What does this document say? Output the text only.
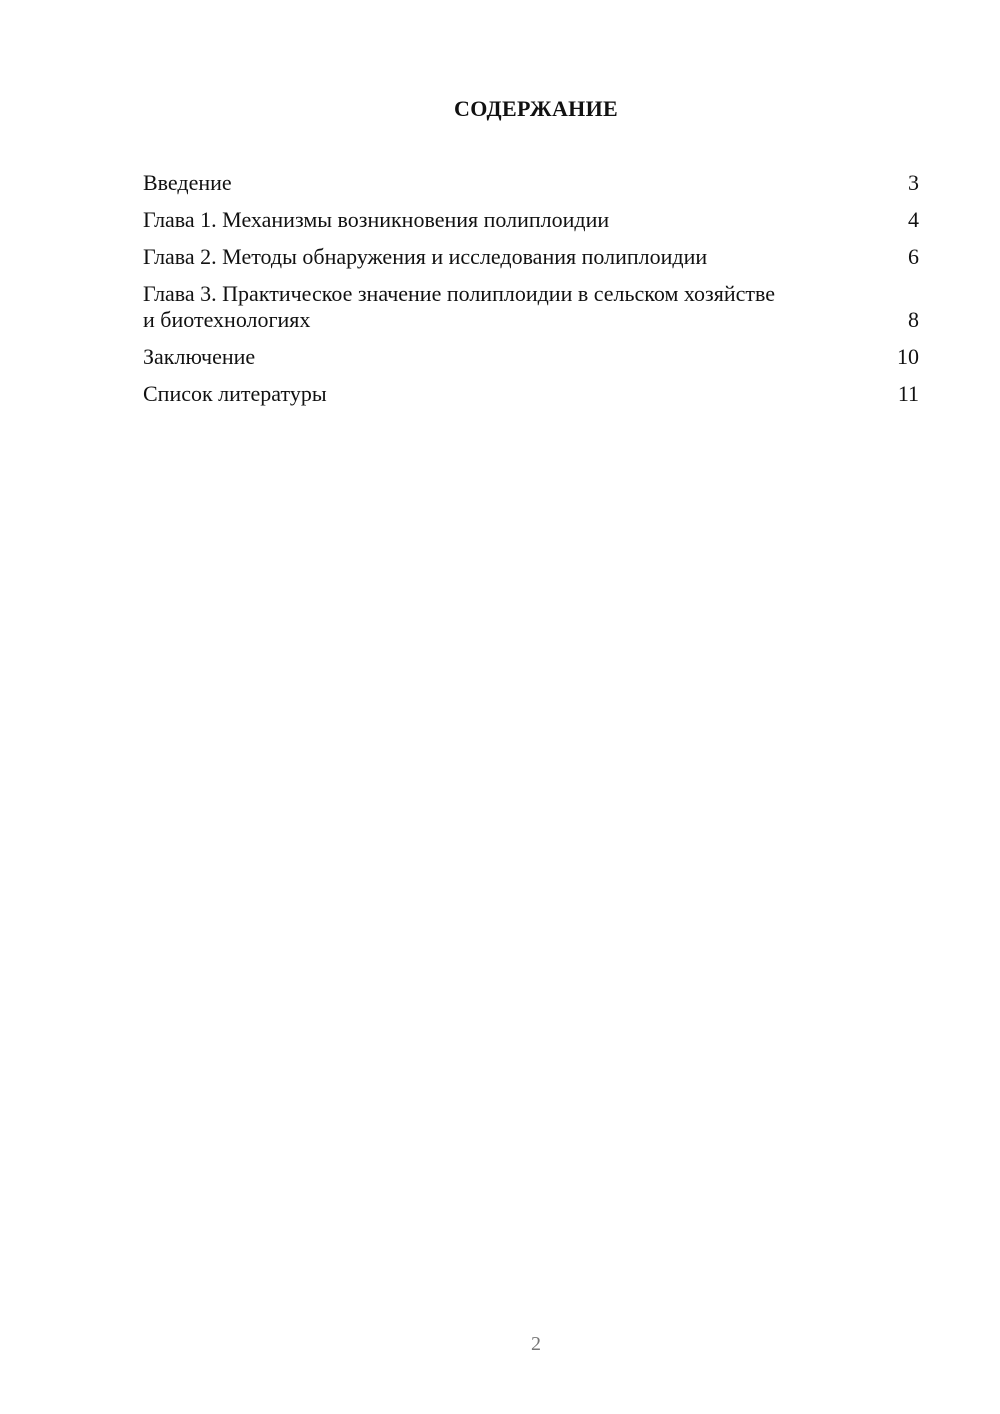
СОДЕРЖАНИЕ
Введение	3
Глава 1. Механизмы возникновения полиплоидии	4
Глава 2. Методы обнаружения и исследования полиплоидии	6
Глава 3. Практическое значение полиплоидии в сельском хозяйстве и биотехнологиях	8
Заключение	10
Список литературы	11
2
